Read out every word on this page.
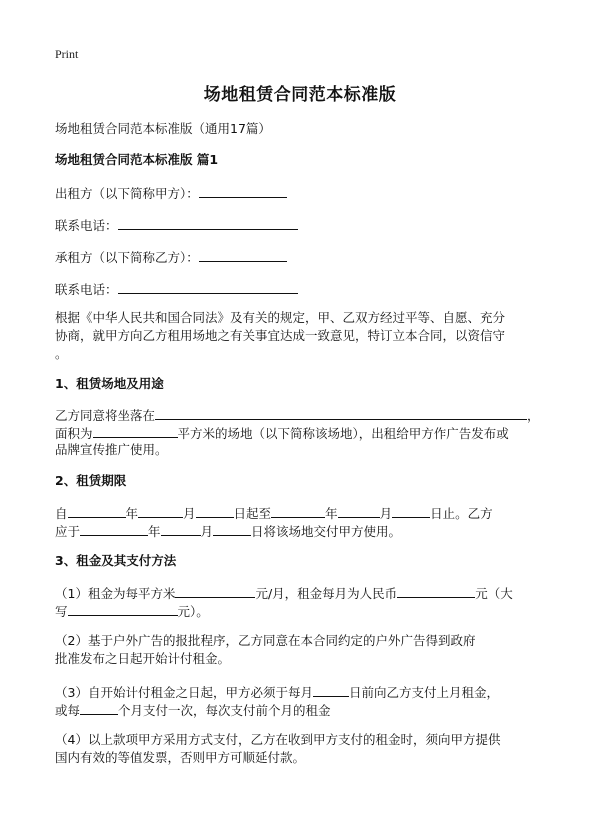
Print
场地租赁合同范本标准版
场地租赁合同范本标准版（通用17篇）
场地租赁合同范本标准版 篇1
出租方（以下简称甲方）：
联系电话：
承租方（以下简称乙方）：
联系电话：
根据《中华人民共和国合同法》及有关的规定，甲、乙双方经过平等、自愿、充分
协商，就甲方向乙方租用场地之有关事宜达成一致意见，特订立本合同，以资信守
。
1、租赁场地及用途
乙方同意将坐落在	，
面积为	平方米的场地（以下简称该场地），出租给甲方作广告发布或
品牌宣传推广使用。
2、租赁期限
自	年	月	日起至	年	月	日止。乙方
应于	年	月	日将该场地交付甲方使用。
3、租金及其支付方法
（1）租金为每平方米	元/月，租金每月为人民币	元（大
写	元）。
（2）基于户外广告的报批程序，乙方同意在本合同约定的户外广告得到政府
批准发布之日起开始计付租金。
（3）自开始计付租金之日起，甲方必须于每月	日前向乙方支付上月租金，
或每	个月支付一次，每次支付前个月的租金
（4）以上款项甲方采用方式支付，乙方在收到甲方支付的租金时，须向甲方提供
国内有效的等值发票，否则甲方可顺延付款。
